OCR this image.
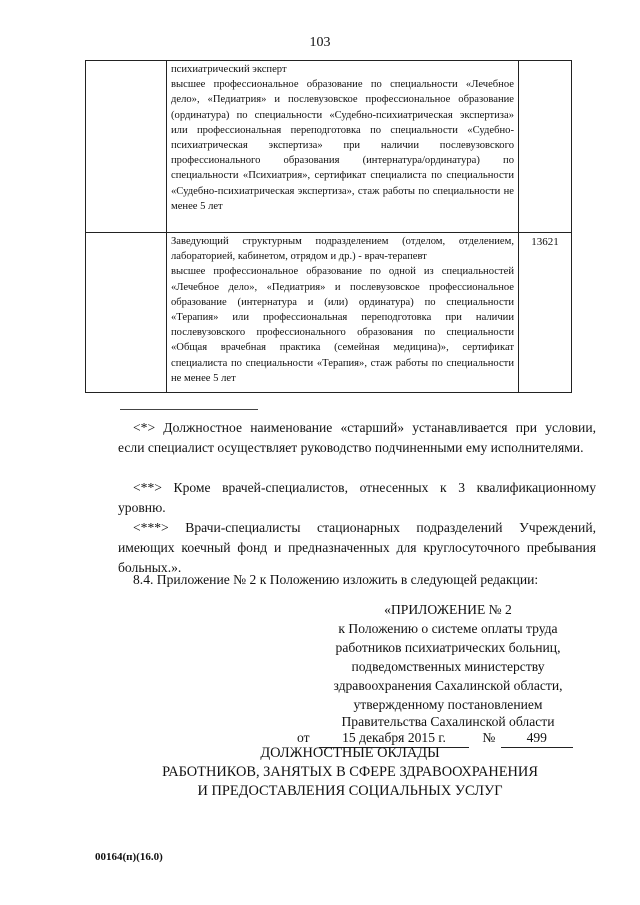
103
	психиатрический эксперт
высшее профессиональное образование по специальности «Лечебное дело», «Педиатрия» и послевузовское профессиональное образование (ординатура) по специальности «Судебно-психиатрическая экспертиза» или профессиональная переподготовка по специальности «Судебно-психиатрическая экспертиза» при наличии послевузовского профессионального образования (интернатура/ординатура) по специальности «Психиатрия», сертификат специалиста по специальности «Судебно-психиатрическая экспертиза», стаж работы по специальности не менее 5 лет	
	Заведующий структурным подразделением (отделом, отделением, лабораторией, кабинетом, отрядом и др.) - врач-терапевт
высшее профессиональное образование по одной из специальностей «Лечебное дело», «Педиатрия» и послевузовское профессиональное образование (интернатура и (или) ординатура) по специальности «Терапия» или профессиональная переподготовка при наличии послевузовского профессионального образования по специальности «Общая врачебная практика (семейная медицина)», сертификат специалиста по специальности «Терапия», стаж работы по специальности не менее 5 лет	13621
<*> Должностное наименование «старший» устанавливается при условии, если специалист осуществляет руководство подчиненными ему исполнителями.
<**> Кроме врачей-специалистов, отнесенных к 3 квалификационному уровню.
<***> Врачи-специалисты стационарных подразделений Учреждений, имеющих коечный фонд и предназначенных для круглосуточного пребывания больных.».
8.4. Приложение № 2 к Положению изложить в следующей редакции:
«ПРИЛОЖЕНИЕ № 2
к Положению о системе оплаты труда
работников психиатрических больниц,
подведомственных министерству
здравоохранения Сахалинской области,
утвержденному постановлением
Правительства Сахалинской области
от 15 декабря 2015 г.	№ 499
ДОЛЖНОСТНЫЕ ОКЛАДЫ
РАБОТНИКОВ, ЗАНЯТЫХ В СФЕРЕ ЗДРАВООХРАНЕНИЯ
И ПРЕДОСТАВЛЕНИЯ СОЦИАЛЬНЫХ УСЛУГ
00164(п)(16.0)
